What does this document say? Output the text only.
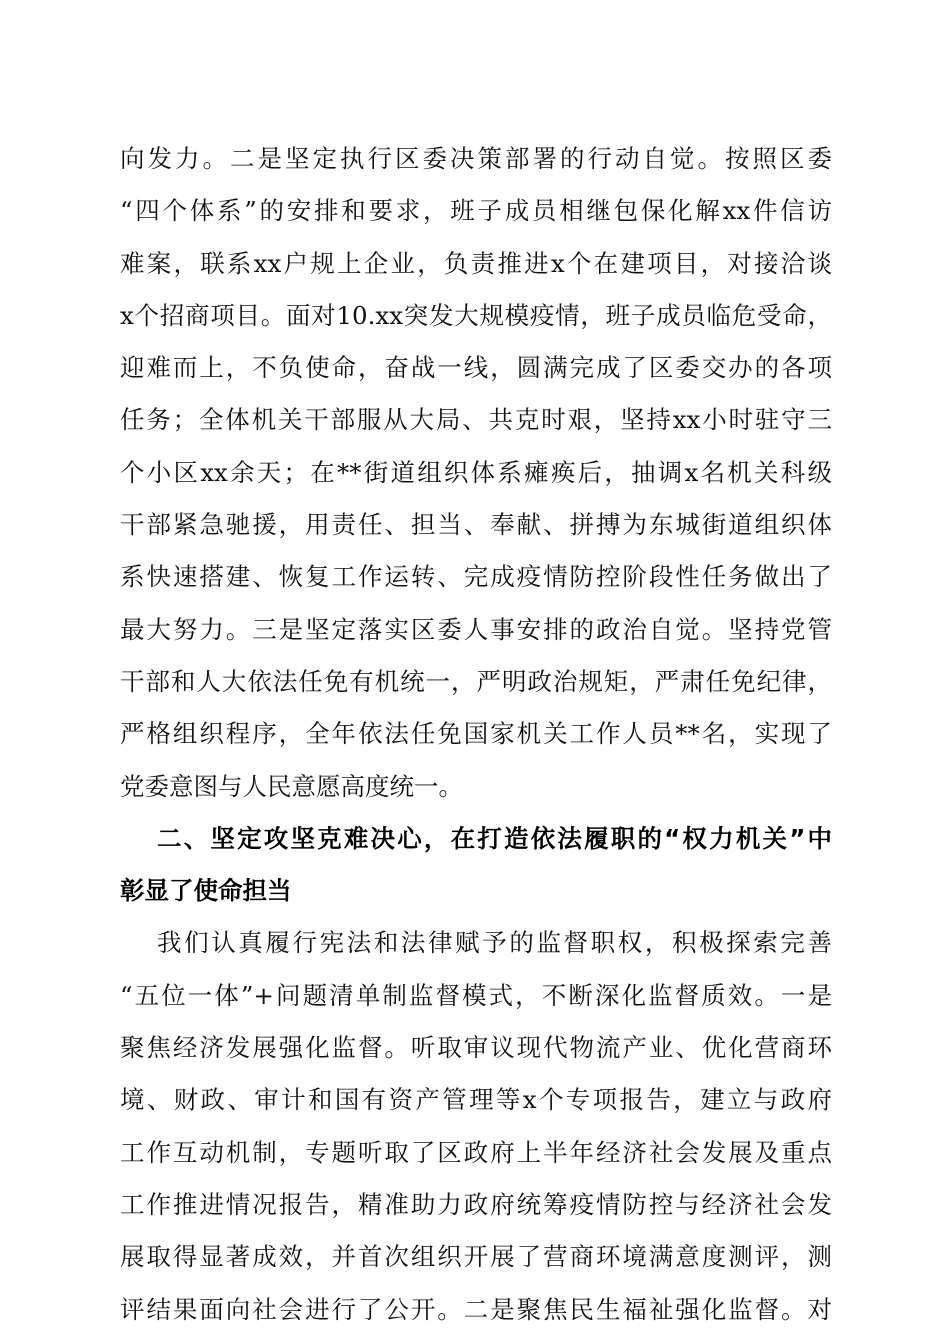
向发力。二是坚定执行区委决策部署的行动自觉。按照区委
“四个体系”的安排和要求，班子成员相继包保化解xx件信访
难案，联系xx户规上企业，负责推进x个在建项目，对接洽谈
x个招商项目。面对10.xx突发大规模疫情，班子成员临危受命，
迎难而上，不负使命，奋战一线，圆满完成了区委交办的各项
任务；全体机关干部服从大局、共克时艰，坚持xx小时驻守三
个小区xx余天；在**街道组织体系瘫痪后，抽调x名机关科级
干部紧急驰援，用责任、担当、奉献、拼搏为东城街道组织体
系快速搭建、恢复工作运转、完成疫情防控阶段性任务做出了
最大努力。三是坚定落实区委人事安排的政治自觉。坚持党管
干部和人大依法任免有机统一，严明政治规矩，严肃任免纪律，
严格组织程序，全年依法任免国家机关工作人员**名，实现了
党委意图与人民意愿高度统一。
二、坚定攻坚克难决心，在打造依法履职的“权力机关”中
彰显了使命担当
我们认真履行宪法和法律赋予的监督职权，积极探索完善
“五位一体”+问题清单制监督模式，不断深化监督质效。一是
聚焦经济发展强化监督。听取审议现代物流产业、优化营商环
境、财政、审计和国有资产管理等x个专项报告，建立与政府
工作互动机制，专题听取了区政府上半年经济社会发展及重点
工作推进情况报告，精准助力政府统筹疫情防控与经济社会发
展取得显著成效，并首次组织开展了营商环境满意度测评，测
评结果面向社会进行了公开。二是聚焦民生福祉强化监督。对
